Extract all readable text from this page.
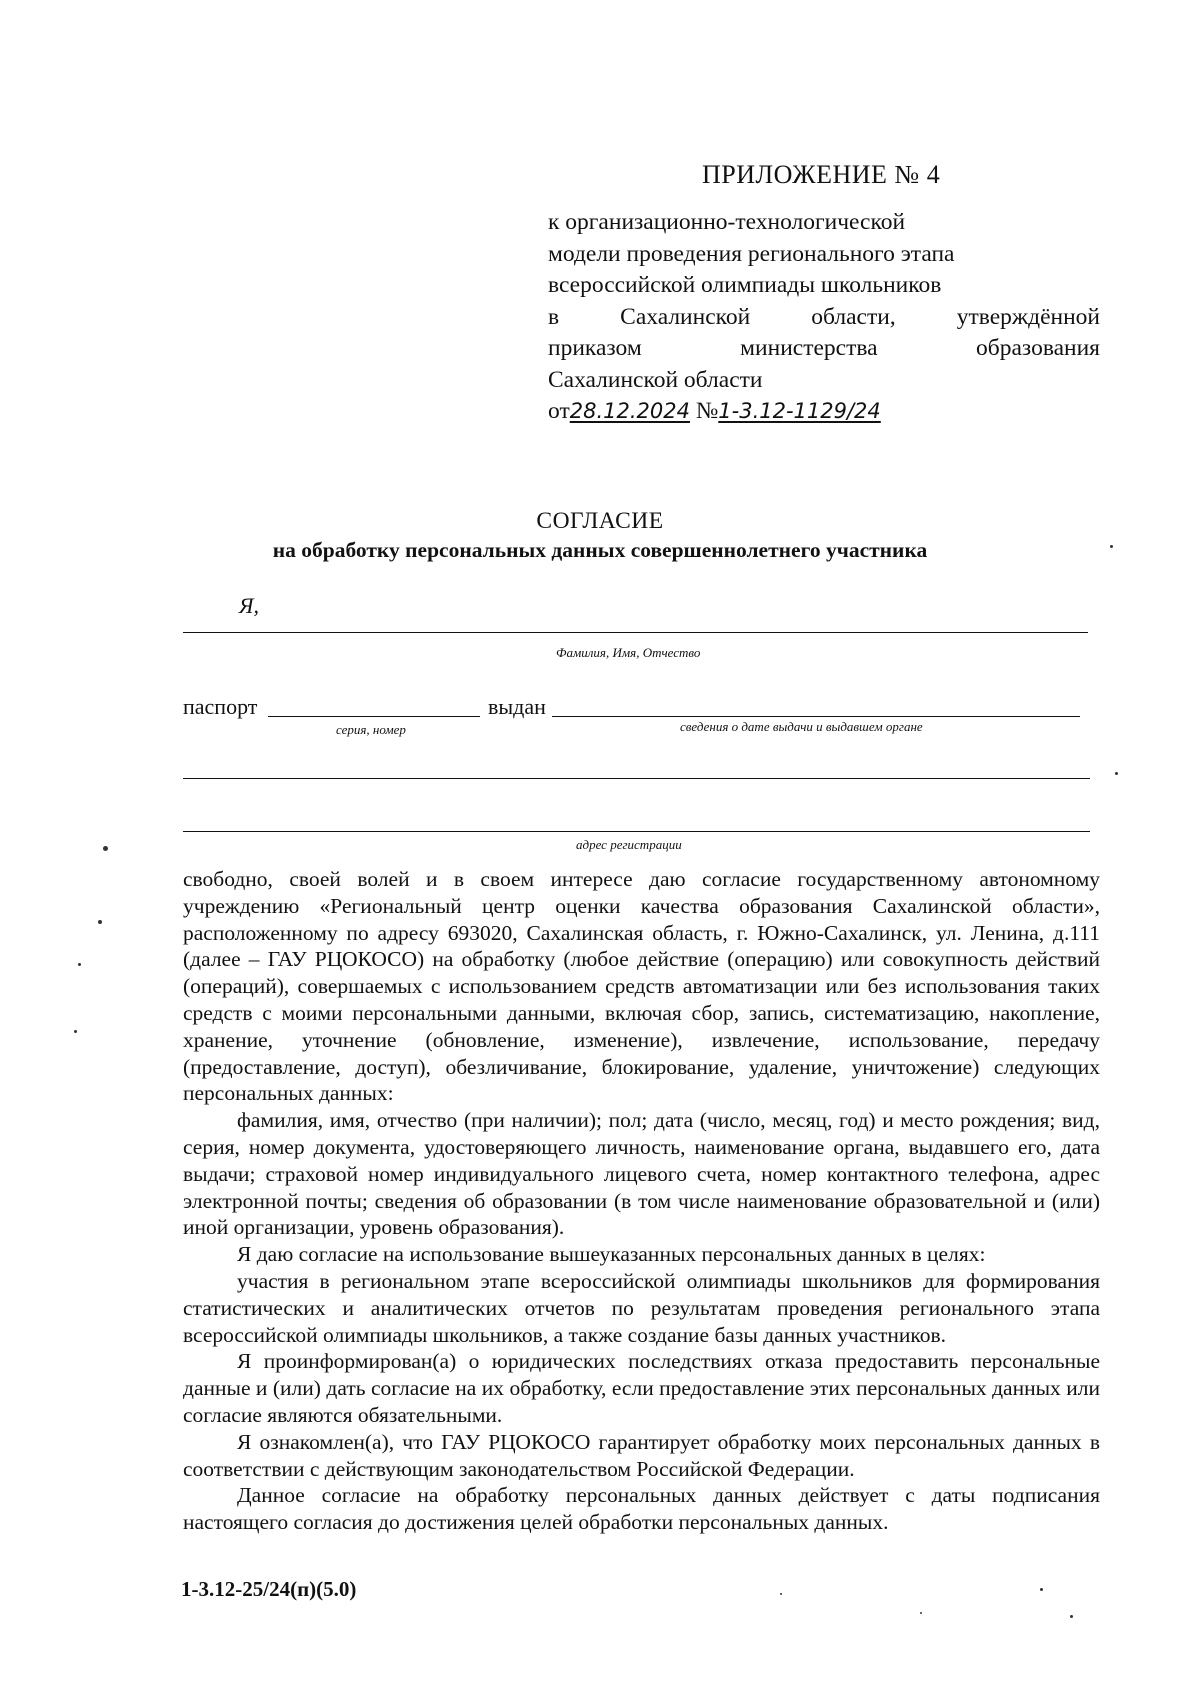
ПРИЛОЖЕНИЕ № 4
к организационно-технологической
модели проведения регионального этапа
всероссийской олимпиады школьников
в Сахалинской области, утверждённой
приказом министерства образования
Сахалинской области
от28.12.2024 №1-3.12-1129/24
СОГЛАСИЕ
на обработку персональных данных совершеннолетнего участника
Я,
Фамилия, Имя, Отчество
паспорт	выдан
серия, номер	сведения о дате выдачи и выдавшем органе
адрес регистрации

свободно, своей волей и в своем интересе даю согласие государственному автономному учреждению «Региональный центр оценки качества образования Сахалинской области», расположенному по адресу 693020, Сахалинская область, г. Южно-Сахалинск, ул. Ленина, д.111 (далее – ГАУ РЦОКОСО) на обработку (любое действие (операцию) или совокупность действий (операций), совершаемых с использованием средств автоматизации или без использования таких средств с моими персональными данными, включая сбор, запись, систематизацию, накопление, хранение, уточнение (обновление, изменение), извлечение, использование, передачу (предоставление, доступ), обезличивание, блокирование, удаление, уничтожение) следующих персональных данных:

фамилия, имя, отчество (при наличии); пол; дата (число, месяц, год) и место рождения; вид, серия, номер документа, удостоверяющего личность, наименование органа, выдавшего его, дата выдачи; страховой номер индивидуального лицевого счета, номер контактного телефона, адрес электронной почты; сведения об образовании (в том числе наименование образовательной и (или) иной организации, уровень образования).

Я даю согласие на использование вышеуказанных персональных данных в целях:

участия в региональном этапе всероссийской олимпиады школьников для формирования статистических и аналитических отчетов по результатам проведения регионального этапа всероссийской олимпиады школьников, а также создание базы данных участников.

Я проинформирован(а) о юридических последствиях отказа предоставить персональные данные и (или) дать согласие на их обработку, если предоставление этих персональных данных или согласие являются обязательными.

Я ознакомлен(а), что ГАУ РЦОКОСО гарантирует обработку моих персональных данных в соответствии с действующим законодательством Российской Федерации.

Данное согласие на обработку персональных данных действует с даты подписания настоящего согласия до достижения целей обработки персональных данных.

1-3.12-25/24(п)(5.0)
